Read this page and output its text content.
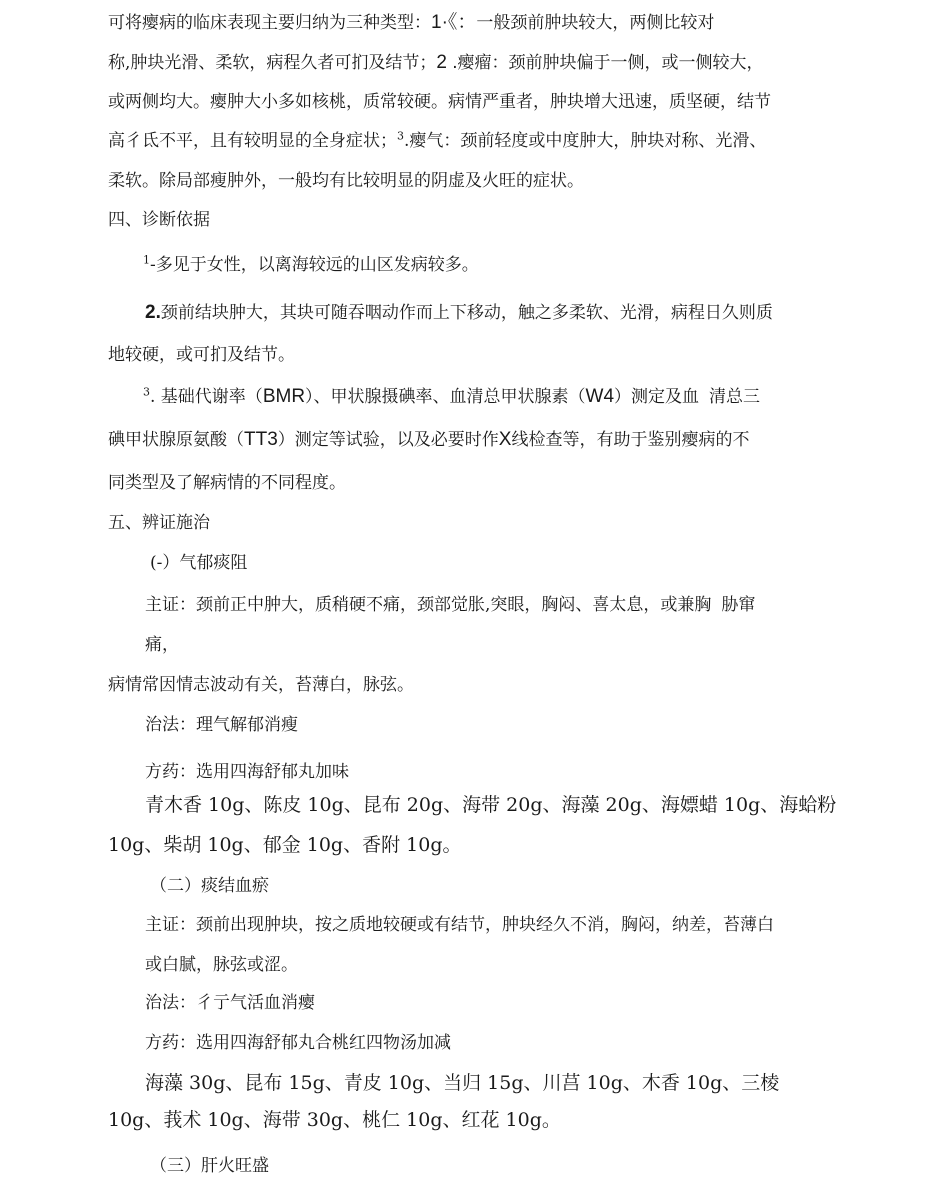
可将瘿病的临床表现主要归纳为三种类型：1·《：一般颈前肿块较大，两侧比较对

称,肿块光滑、柔软，病程久者可扪及结节；2 .瘿瘤：颈前肿块偏于一侧，或一侧较大，

或两侧均大。瘿肿大小多如核桃，质常较硬。病情严重者，肿块增大迅速，质坚硬，结节

高彳氐不平，且有较明显的全身症状；$^3$.瘿气：颈前轻度或中度肿大，肿块对称、光滑、

柔软。除局部瘦肿外，一般均有比较明显的阴虚及火旺的症状。

四、诊断依据

$^1$-多见于女性，以离海较远的山区发病较多。

2.颈前结块肿大，其块可随吞咽动作而上下移动，触之多柔软、光滑，病程日久则质

地较硬，或可扪及结节。

$^3$. 基础代谢率（BMR）、甲状腺摄碘率、血清总甲状腺素（W4）测定及血 清总三

碘甲状腺原氨酸（TT3）测定等试验，以及必要时作X线检查等，有助于鉴别瘿病的不

同类型及了解病情的不同程度。

五、辨证施治

(-）气郁痰阻

主证：颈前正中肿大，质稍硬不痛，颈部觉胀,突眼，胸闷、喜太息，或兼胸 胁窜

痛，

病情常因情志波动有关，苔薄白，脉弦。

治法：理气解郁消瘦

方药：选用四海舒郁丸加味

青木香 10g、陈皮 10g、昆布 20g、海带 20g、海藻 20g、海嫖蜡 10g、海蛤粉

10g、柴胡 10g、郁金 10g、香附 10g。

（二）痰结血瘀

主证：颈前出现肿块，按之质地较硬或有结节，肿块经久不消，胸闷，纳差，苔薄白

或白腻，脉弦或涩。

治法：彳亍气活血消瘿

方药：选用四海舒郁丸合桃红四物汤加减

海藻 30g、昆布 15g、青皮 10g、当归 15g、川莒 10g、木香 10g、三棱

10g、莪术 10g、海带 30g、桃仁 10g、红花 10g。

（三）肝火旺盛
